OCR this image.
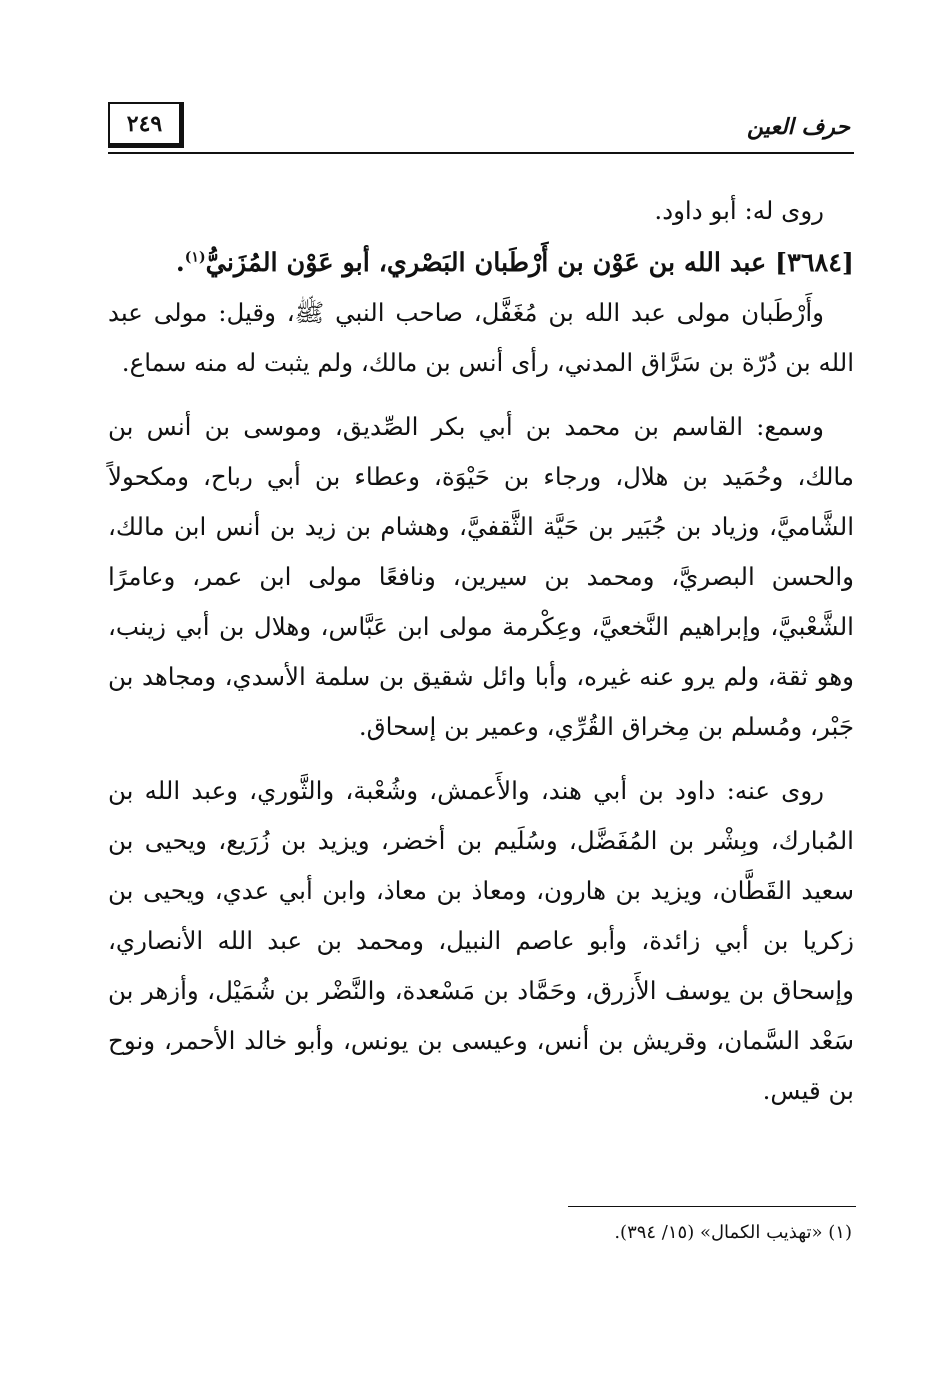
٢٤٩	حرف العين

روى له: أبو داود.

[٣٦٨٤] عبد الله بن عَوْن بن أَرْطَبان البَصْري، أبو عَوْن المُزَنيُّ$^{(١)}$.

وأَرْطَبان مولى عبد الله بن مُغَفَّل، صاحب النبي ﷺ، وقيل: مولى عبد الله بن دُرّة بن سَرَّاق المدني، رأى أنس بن مالك، ولم يثبت له منه سماع.

وسمع: القاسم بن محمد بن أبي بكر الصِّديق، وموسى بن أنس بن مالك، وحُمَيد بن هلال، ورجاء بن حَيْوَة، وعطاء بن أبي رباح، ومكحولاً الشَّاميَّ، وزياد بن جُبَير بن حَيَّة الثَّقفيَّ، وهشام بن زيد بن أنس ابن مالك، والحسن البصريَّ، ومحمد بن سيرين، ونافعًا مولى ابن عمر، وعامرًا الشَّعْبيَّ، وإبراهيم النَّخعيَّ، وعِكْرمة مولى ابن عَبَّاس، وهلال بن أبي زينب، وهو ثقة، ولم يرو عنه غيره، وأبا وائل شقيق بن سلمة الأسدي، ومجاهد بن جَبْر، ومُسلم بن مِخراق القُرِّي، وعمير بن إسحاق.

روى عنه: داود بن أبي هند، والأَعمش، وشُعْبة، والثَّوري، وعبد الله بن المُبارك، وبِشْر بن المُفَضَّل، وسُلَيم بن أخضر، ويزيد بن زُرَيع، ويحيى بن سعيد القَطَّان، ويزيد بن هارون، ومعاذ بن معاذ، وابن أبي عدي، ويحيى بن زكريا بن أبي زائدة، وأبو عاصم النبيل، ومحمد بن عبد الله الأنصاري، وإسحاق بن يوسف الأَزرق، وحَمَّاد بن مَسْعدة، والنَّضْر بن شُمَيْل، وأزهر بن سَعْد السَّمان، وقريش بن أنس، وعيسى بن يونس، وأبو خالد الأحمر، ونوح بن قيس.

(١) «تهذيب الكمال» (١٥/ ٣٩٤).
